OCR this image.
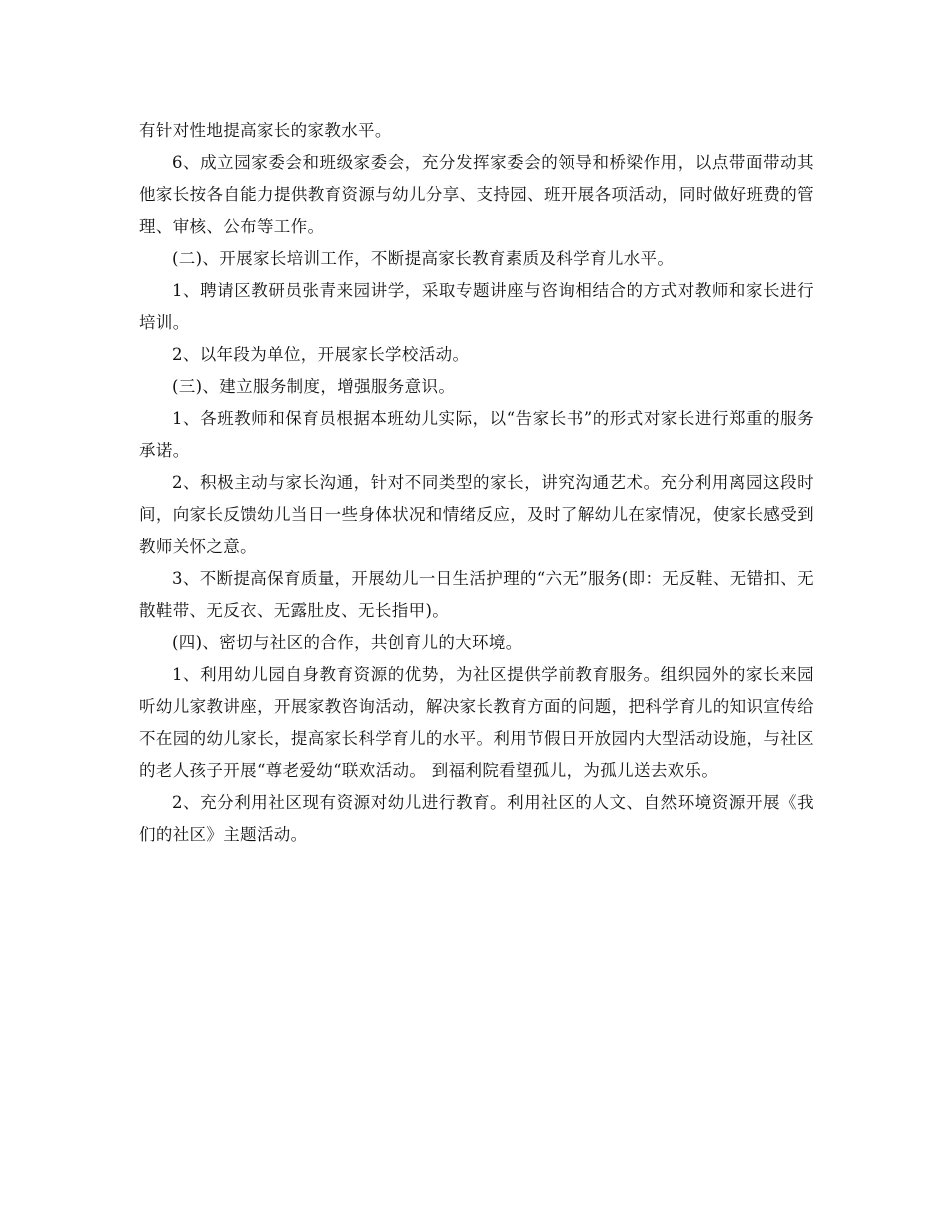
有针对性地提高家长的家教水平。

6、成立园家委会和班级家委会，充分发挥家委会的领导和桥梁作用，以点带面带动其他家长按各自能力提供教育资源与幼儿分享、支持园、班开展各项活动，同时做好班费的管理、审核、公布等工作。

(二)、开展家长培训工作，不断提高家长教育素质及科学育儿水平。

1、聘请区教研员张青来园讲学，采取专题讲座与咨询相结合的方式对教师和家长进行培训。

2、以年段为单位，开展家长学校活动。

(三)、建立服务制度，增强服务意识。

1、各班教师和保育员根据本班幼儿实际，以“告家长书”的形式对家长进行郑重的服务承诺。

2、积极主动与家长沟通，针对不同类型的家长，讲究沟通艺术。充分利用离园这段时间，向家长反馈幼儿当日一些身体状况和情绪反应，及时了解幼儿在家情况，使家长感受到教师关怀之意。

3、不断提高保育质量，开展幼儿一日生活护理的“六无”服务(即：无反鞋、无错扣、无散鞋带、无反衣、无露肚皮、无长指甲)。

(四)、密切与社区的合作，共创育儿的大环境。

1、利用幼儿园自身教育资源的优势，为社区提供学前教育服务。组织园外的家长来园听幼儿家教讲座，开展家教咨询活动，解决家长教育方面的问题，把科学育儿的知识宣传给不在园的幼儿家长，提高家长科学育儿的水平。利用节假日开放园内大型活动设施，与社区的老人孩子开展“尊老爱幼“联欢活动。 到福利院看望孤儿，为孤儿送去欢乐。

2、充分利用社区现有资源对幼儿进行教育。利用社区的人文、自然环境资源开展《我们的社区》主题活动。
